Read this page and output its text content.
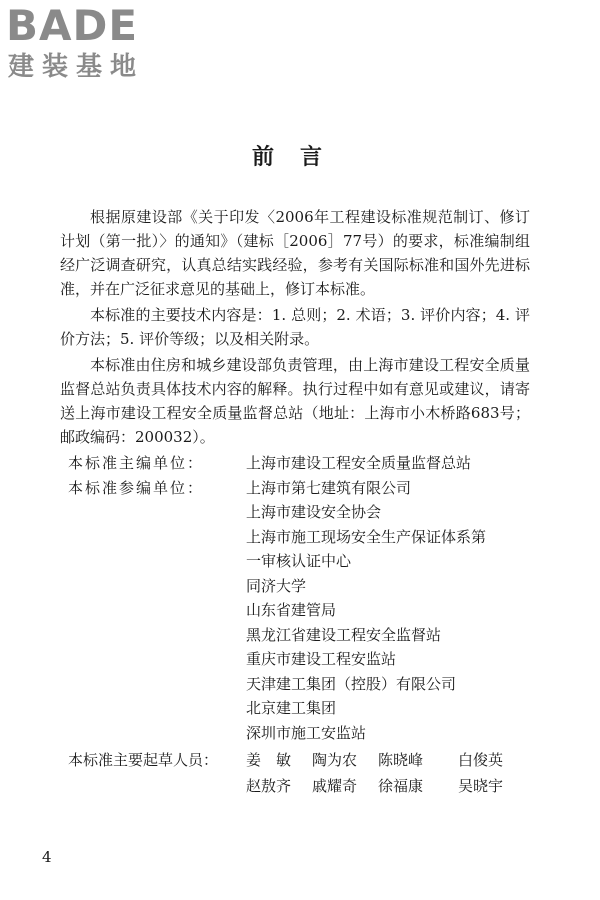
BADE
建装基地
前言

根据原建设部《关于印发〈2006年工程建设标准规范制订、修订计划（第一批）〉的通知》（建标［2006］77号）的要求，标准编制组经广泛调查研究，认真总结实践经验，参考有关国际标准和国外先进标准，并在广泛征求意见的基础上，修订本标准。

本标准的主要技术内容是：1. 总则；2. 术语；3. 评价内容；4. 评价方法；5. 评价等级；以及相关附录。

本标准由住房和城乡建设部负责管理，由上海市建设工程安全质量监督总站负责具体技术内容的解释。执行过程中如有意见或建议，请寄送上海市建设工程安全质量监督总站（地址：上海市小木桥路683号；邮政编码：200032）。

本标准主编单位：	上海市建设工程安全质量监督总站
本标准参编单位：	上海市第七建筑有限公司
上海市建设安全协会
上海市施工现场安全生产保证体系第
一审核认证中心
同济大学
山东省建管局
黑龙江省建设工程安全监督站
重庆市建设工程安监站
天津建工集团（控股）有限公司
北京建工集团
深圳市施工安监站
本标准主要起草人员：	姜　敏	陶为农	陈晓峰	白俊英
赵敖齐	戚耀奇	徐福康	吴晓宇
4
